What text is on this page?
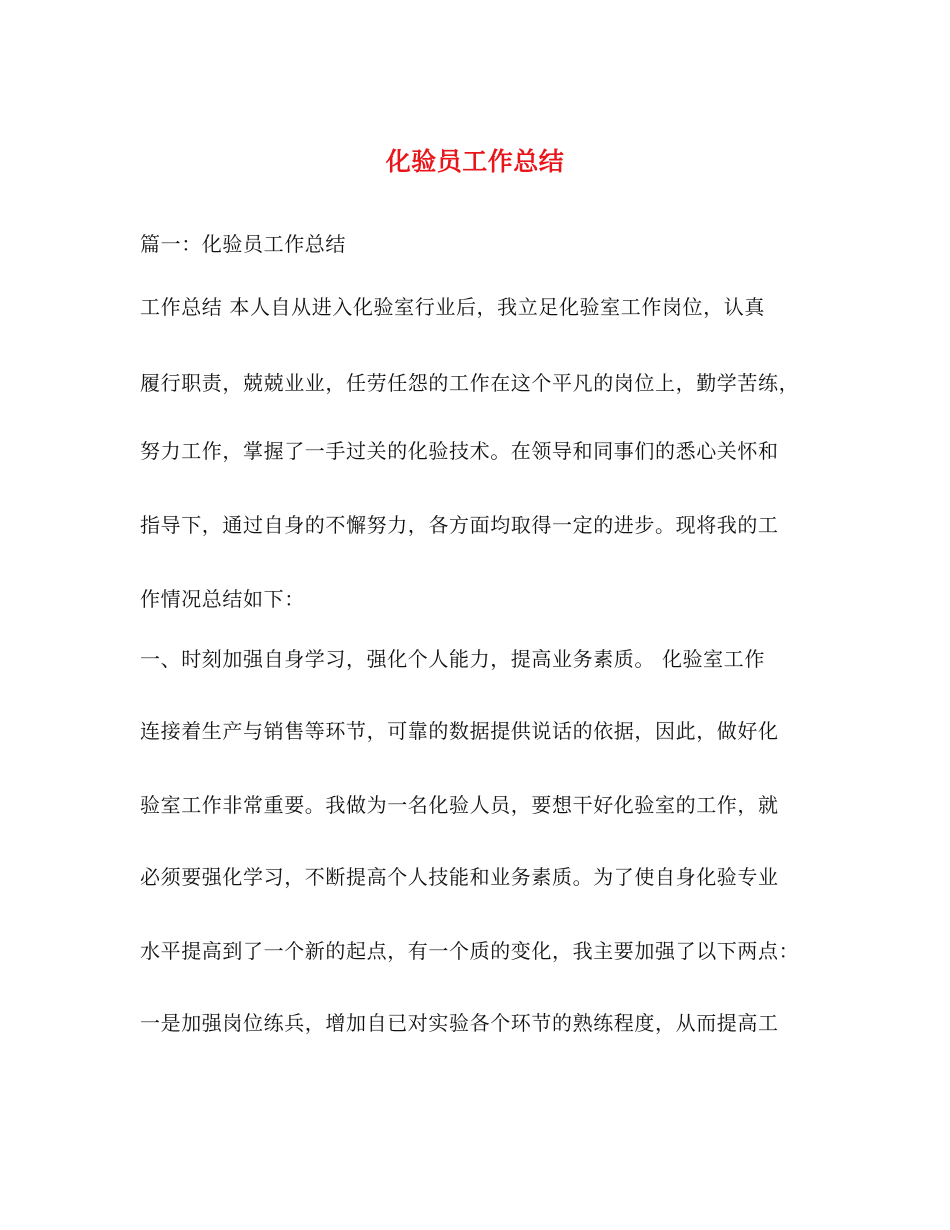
化验员工作总结
篇一：化验员工作总结
工作总结 本人自从进入化验室行业后，我立足化验室工作岗位，认真
履行职责，兢兢业业，任劳任怨的工作在这个平凡的岗位上，勤学苦练，
努力工作，掌握了一手过关的化验技术。在领导和同事们的悉心关怀和
指导下，通过自身的不懈努力，各方面均取得一定的进步。现将我的工
作情况总结如下：
一、时刻加强自身学习，强化个人能力，提高业务素质。 化验室工作
连接着生产与销售等环节，可靠的数据提供说话的依据，因此，做好化
验室工作非常重要。我做为一名化验人员，要想干好化验室的工作，就
必须要强化学习，不断提高个人技能和业务素质。为了使自身化验专业
水平提高到了一个新的起点，有一个质的变化，我主要加强了以下两点：
一是加强岗位练兵，增加自已对实验各个环节的熟练程度，从而提高工
